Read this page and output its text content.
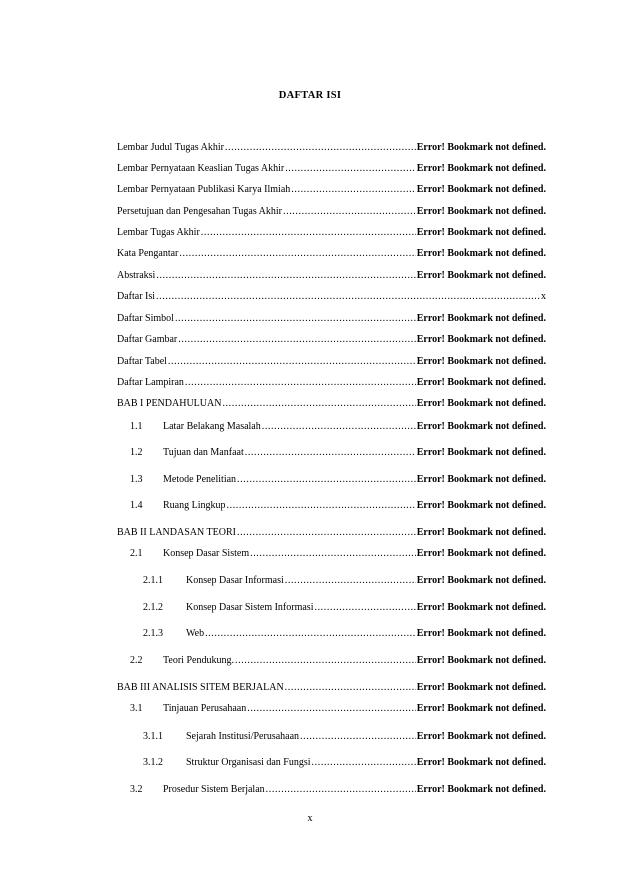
DAFTAR ISI
Lembar Judul Tugas Akhir .....	Error! Bookmark not defined.
Lembar Pernyataan Keaslian Tugas Akhir .....	Error! Bookmark not defined.
Lembar Pernyataan Publikasi Karya Ilmiah .....	Error! Bookmark not defined.
Persetujuan dan Pengesahan Tugas Akhir .....	Error! Bookmark not defined.
Lembar Tugas Akhir .....	Error! Bookmark not defined.
Kata Pengantar .....	Error! Bookmark not defined.
Abstraksi .....	Error! Bookmark not defined.
Daftar Isi .....	x
Daftar Simbol .....	Error! Bookmark not defined.
Daftar Gambar .....	Error! Bookmark not defined.
Daftar Tabel .....	Error! Bookmark not defined.
Daftar Lampiran .....	Error! Bookmark not defined.
BAB I PENDAHULUAN .....	Error! Bookmark not defined.
1.1	Latar Belakang Masalah .....	Error! Bookmark not defined.
1.2	Tujuan dan Manfaat .....	Error! Bookmark not defined.
1.3	Metode Penelitian .....	Error! Bookmark not defined.
1.4	Ruang Lingkup .....	Error! Bookmark not defined.
BAB II LANDASAN TEORI .....	Error! Bookmark not defined.
2.1	Konsep Dasar Sistem .....	Error! Bookmark not defined.
2.1.1	Konsep Dasar Informasi .....	Error! Bookmark not defined.
2.1.2	Konsep Dasar Sistem Informasi .....	Error! Bookmark not defined.
2.1.3	Web .....	Error! Bookmark not defined.
2.2	Teori Pendukung. .....	Error! Bookmark not defined.
BAB III ANALISIS SITEM BERJALAN .....	Error! Bookmark not defined.
3.1	Tinjauan Perusahaan .....	Error! Bookmark not defined.
3.1.1	Sejarah Institusi/Perusahaan .....	Error! Bookmark not defined.
3.1.2	Struktur Organisasi dan Fungsi .....	Error! Bookmark not defined.
3.2	Prosedur Sistem Berjalan .....	Error! Bookmark not defined.
x
